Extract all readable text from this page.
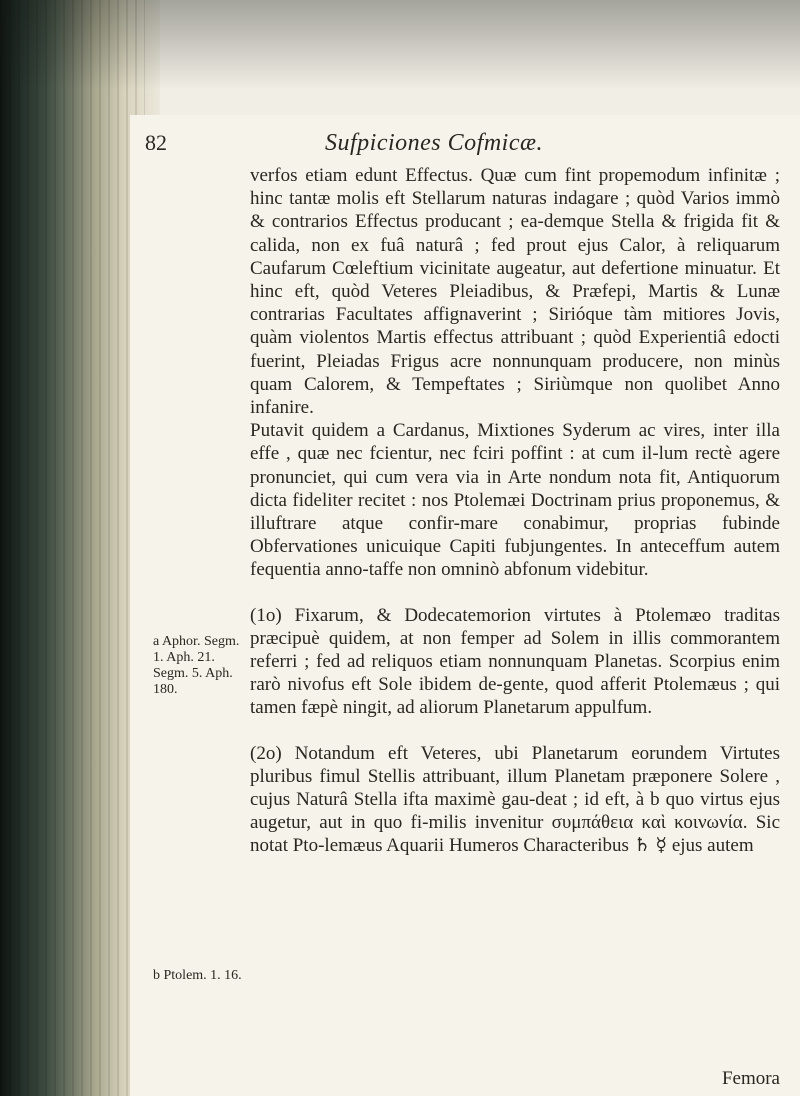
82	Sufpiciones Cofmicæ.

verfos etiam edunt Effectus. Quæ cum fint propemodum infinitæ ; hinc tantæ molis eft Stellarum naturas indagare ; quòd Varios immò & contrarios Effectus producant ; ea-demque Stella & frigida fit & calida, non ex fuâ naturâ ; fed prout ejus Calor, à reliquarum Caufarum Cœleftium vicinitate augeatur, aut defertione minuatur. Et hinc eft, quòd Veteres Pleiadibus, & Præfepi, Martis & Lunæ contrarias Facultates affignaverint ; Sirióque tàm mitiores Jovis, quàm violentos Martis effectus attribuant ; quòd Experientiâ edocti fuerint, Pleiadas Frigus acre nonnunquam producere, non minùs quam Calorem, & Tempeftates ; Siriùmque non quolibet Anno infanire.

Putavit quidem a Cardanus, Mixtiones Syderum ac vires, inter illa effe , quæ nec fcientur, nec fciri poffint : at cum il-lum rectè agere pronunciet, qui cum vera via in Arte nondum nota fit, Antiquorum dicta fideliter recitet : nos Ptolemæi Doctrinam prius proponemus, & illuftrare atque confir-mare conabimur, proprias fubinde Obfervationes unicuique Capiti fubjungentes. In anteceffum autem fequentia anno-taffe non omninò abfonum videbitur.

(1o) Fixarum, & Dodecatemorion virtutes à Ptolemæo traditas præcipuè quidem, at non femper ad Solem in illis commorantem referri ; fed ad reliquos etiam nonnunquam Planetas. Scorpius enim rarò nivofus eft Sole ibidem de-gente, quod afferit Ptolemæus ; qui tamen fæpè ningit, ad aliorum Planetarum appulfum.

(2o) Notandum eft Veteres, ubi Planetarum eorundem Virtutes pluribus fimul Stellis attribuant, illum Planetam præponere Solere , cujus Naturâ Stella ifta maximè gau-deat ; id eft, à b quo virtus ejus augetur, aut in quo fi-milis invenitur συμπάθεια καὶ κοινωνία. Sic notat Pto-lemæus Aquarii Humeros Characteribus ♄ ☿ ejus autem

a Aphor. Segm. 1. Aph. 21. Segm. 5. Aph. 180.
b Ptolem. 1. 16.
Femora
